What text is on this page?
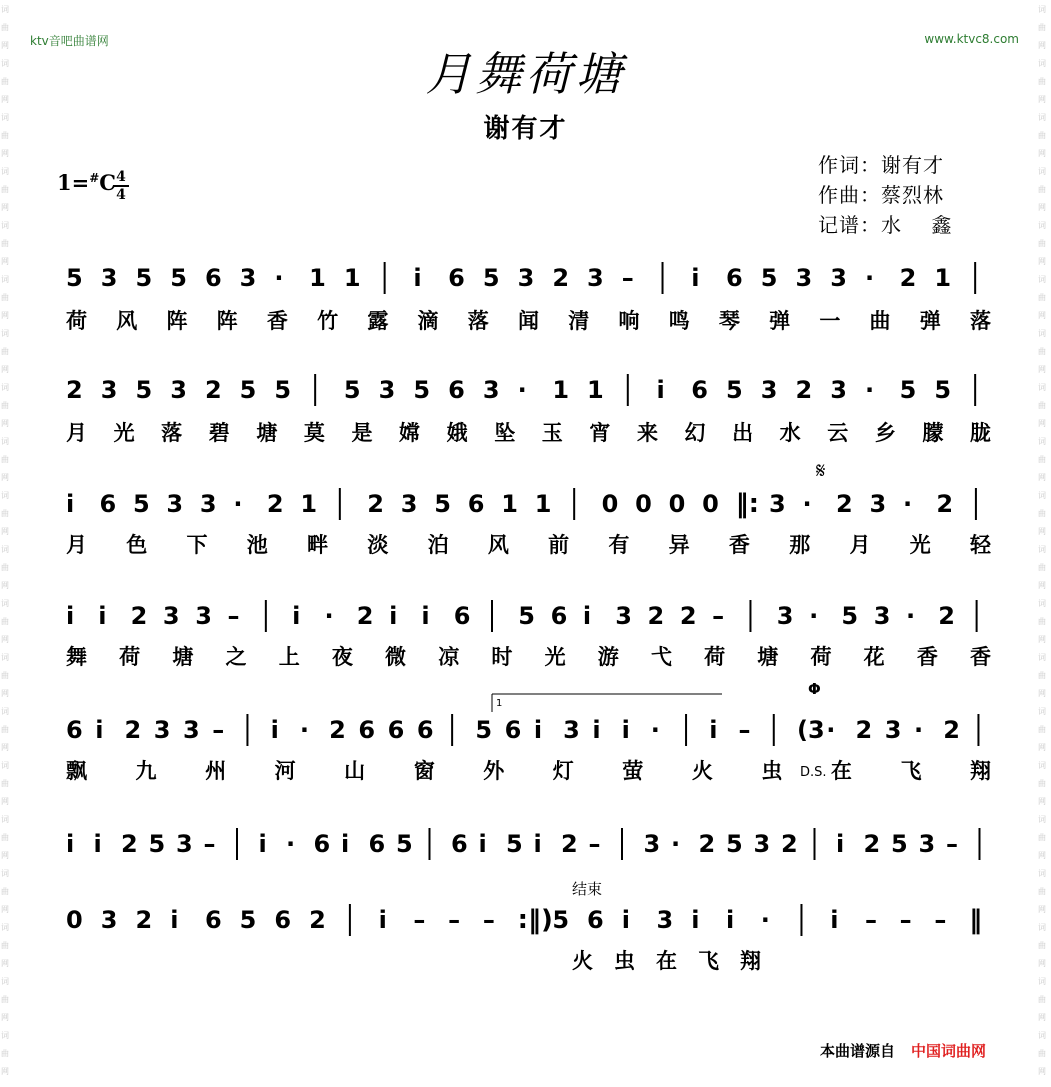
词
曲
网
词
曲
网
词
曲
网
词
曲
网
词
曲
网
词
曲
网
词
曲
网
词
曲
网
词
曲
网
词
曲
网
词
曲
网
词
曲
网
词
曲
网
词
曲
网
词
曲
网
词
曲
网
词
曲
网
词
曲
网
词
曲
网
词
曲
网
词
曲
网
词
曲
网
词
曲
网
词
曲
网
词
曲
网
词
曲
网
词
曲
网
词
曲
网
词
曲
网
词
曲
网
词
曲
网
词
曲
网
词
曲
网
词
曲
网
词
曲
网
词
曲
网
词
曲
网
词
曲
网
词
曲
网
词
曲
网
ktv音吧曲谱网	www.ktvc8.com
月舞荷塘
谢有才
1=#C 4
4
作词：谢有才
作曲：蔡烈林
记谱：水    鑫
5 3 5 5 6 3 · 1 1 i 6 5 3 2 3 – i 6 5 3 3 · 2 1
荷 风 阵 阵 香 竹 露 滴 落 闻 清 响 鸣 琴 弹 一 曲 弹 落
2 3 5 3 2 5 5 5 3 5 6 3 · 1 1 i 6 5 3 2 3 · 5 5
月 光 落 碧 塘 莫 是 嫦 娥 坠 玉 宵 来 幻 出 水 云 乡 朦 胧
i 6 5 3 3 · 2 1 2 3 5 6 1 1 0 0 0 0 ‖: 3 · 2 3 · 2
月 色 下 池 畔 淡 泊 风 前 有 异 香 那 月 光 轻
i i 2 3 3 – i · 2 i i 6 5 6 i 3 2 2 – 3 · 5 3 · 2
舞 荷 塘 之 上 夜 微 凉 时 光 游 弋 荷 塘 荷 花 香 香
6 i 2 3 3 – i · 2 6 6 6 5 6 i 3 i i · i – (3 · 2 3 · 2
飘 九 州 河 山 窗 外 灯 萤 火 虫 在 飞 翔
i i 2 5 3 – i · 6 i 6 5 6 i 5 i 2 – 3 · 2 5 3 2 i 2 5 3 –
0 3 2 i 6 5 6 2 i – – – :‖) 5 6 i 3 i i ·	i – – – ‖
火 虫 在 飞 翔
𝄋
Φ
D.S.
1
结束
本曲谱源自 中国词曲网
